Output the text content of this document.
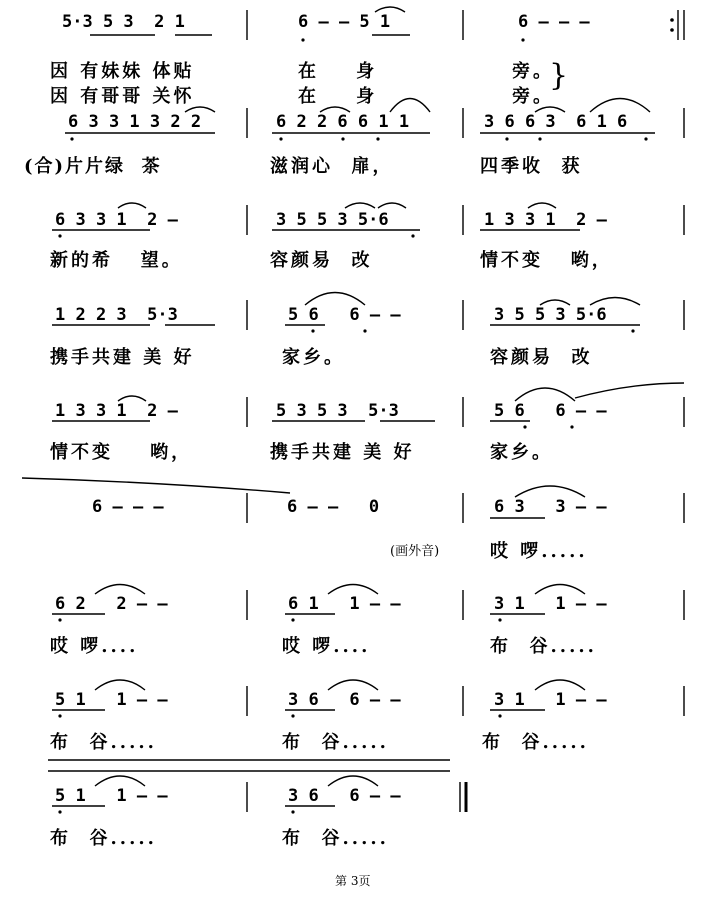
5·3 5 3  2 1	6 — — 5 1	6 — — —
因 有妹妹 体贴	在    身	旁。
因 有哥哥 关怀	在    身	旁。
}
6 3 3 1 3 2 2	6 2 2 6 6 1 1	3 6 6 3  6 1 6
(合)片片绿  茶	滋润心  扉，	四季收  获
6 3 3 1  2 —	3 5 5 3 5·6	1 3 3 1  2 —
新的希   望。	容颜易  改	情不变   哟，
1 2 2 3  5·3	5 6   6 — —	3 5 5 3 5·6
携手共建 美 好	家乡。	容颜易  改
1 3 3 1  2 —	5 3 5 3  5·3	5 6   6 — —
情不变    哟，	携手共建 美 好	家乡。
6 — — —	6 — —   0	6 3   3 — —
(画外音)	哎 啰.....
6 2   2 — —	6 1   1 — —	3 1   1 — —
哎 啰....	哎 啰....	布  谷.....
5 1   1 — —	3 6   6 — —	3 1   1 — —
布  谷.....	布  谷.....	布  谷.....
5 1   1 — —	3 6   6 — —
布  谷.....	布  谷.....
第 3页
